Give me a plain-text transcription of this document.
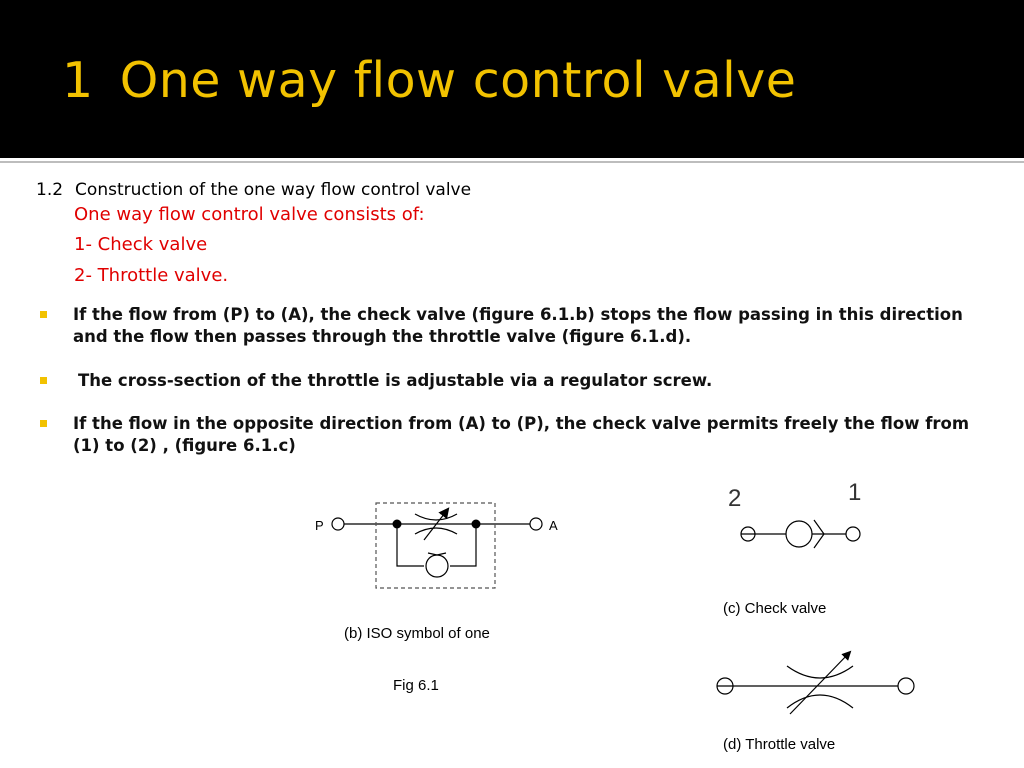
1 One way flow control valve
1.2 Construction of the one way flow control valve
One way flow control valve consists of:
1- Check valve
2- Throttle valve.
If the flow from (P) to (A), the check valve (figure 6.1.b) stops the flow passing in this direction and the flow then passes through the throttle valve (figure 6.1.d).
The cross-section of the throttle is adjustable via a regulator screw.
If the flow in the opposite direction from (A) to (P), the check valve permits freely the flow from (1) to (2) , (figure 6.1.c)
P	A
(b) ISO symbol of one
Fig 6.1
2	1
(c) Check valve
(d) Throttle valve
